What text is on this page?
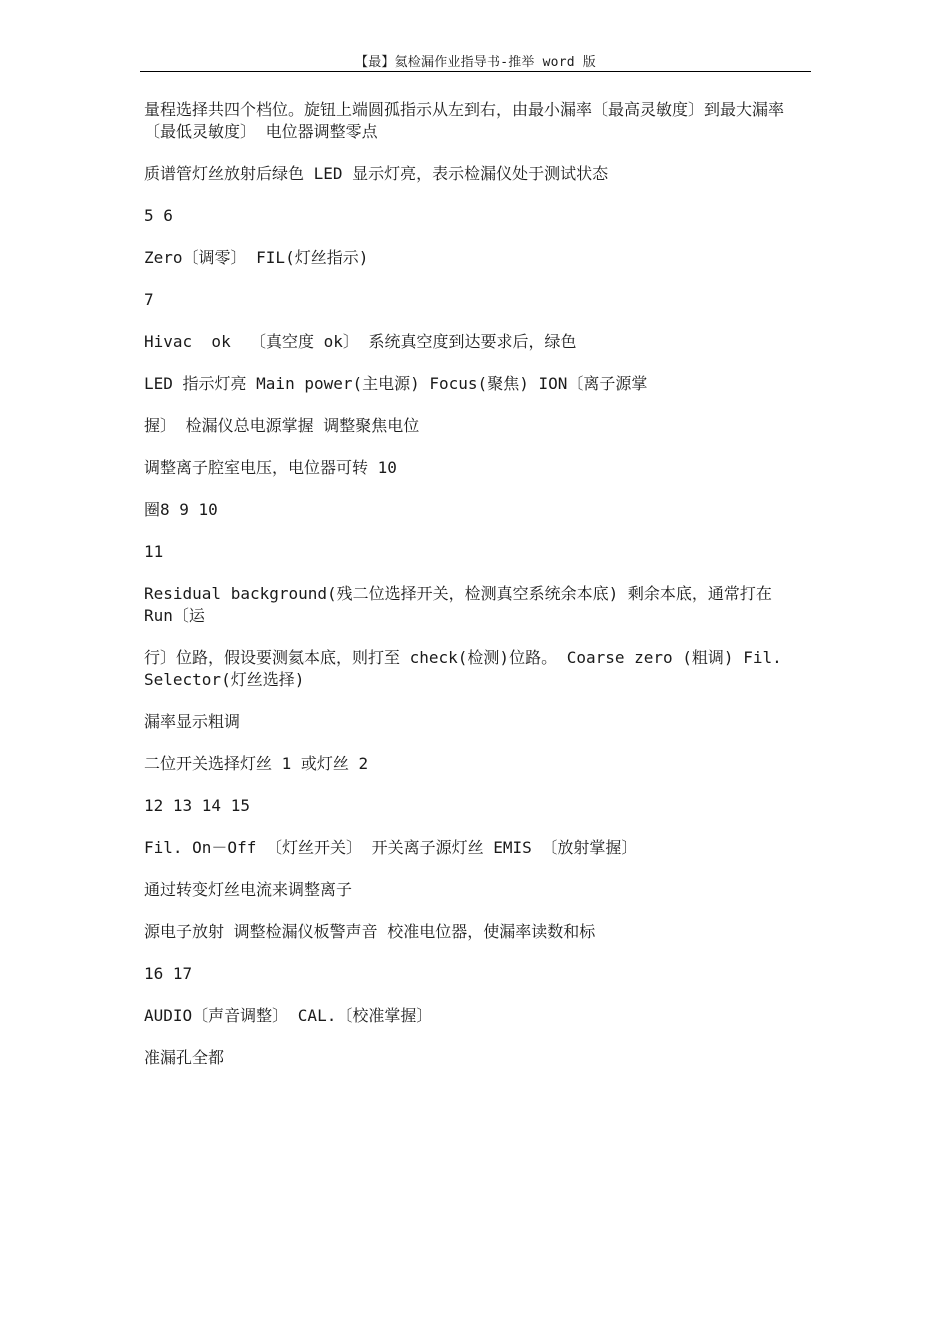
【最】氦检漏作业指导书-推举 word 版

量程选择共四个档位。旋钮上端圆孤指示从左到右，由最小漏率〔最高灵敏度〕到最大漏率〔最低灵敏度〕 电位器调整零点

质谱管灯丝放射后绿色 LED 显示灯亮，表示检漏仪处于测试状态

5 6

Zero〔调零〕 FIL(灯丝指示)

7

Hivac  ok  〔真空度 ok〕 系统真空度到达要求后，绿色

LED 指示灯亮 Main power(主电源) Focus(聚焦) ION〔离子源掌

握〕 检漏仪总电源掌握 调整聚焦电位

调整离子腔室电压，电位器可转 10

圈8 9 10

11

Residual background(残二位选择开关，检测真空系统余本底) 剩余本底，通常打在 Run〔运

行〕位路，假设要测氦本底，则打至 check(检测)位路。 Coarse zero (粗调) Fil. Selector(灯丝选择)

漏率显示粗调

二位开关选择灯丝 1 或灯丝 2

12 13 14 15

Fil. On－Off 〔灯丝开关〕 开关离子源灯丝 EMIS 〔放射掌握〕

通过转变灯丝电流来调整离子

源电子放射 调整检漏仪板警声音 校准电位器，使漏率读数和标

16 17

AUDIO〔声音调整〕 CAL.〔校准掌握〕

准漏孔全都
